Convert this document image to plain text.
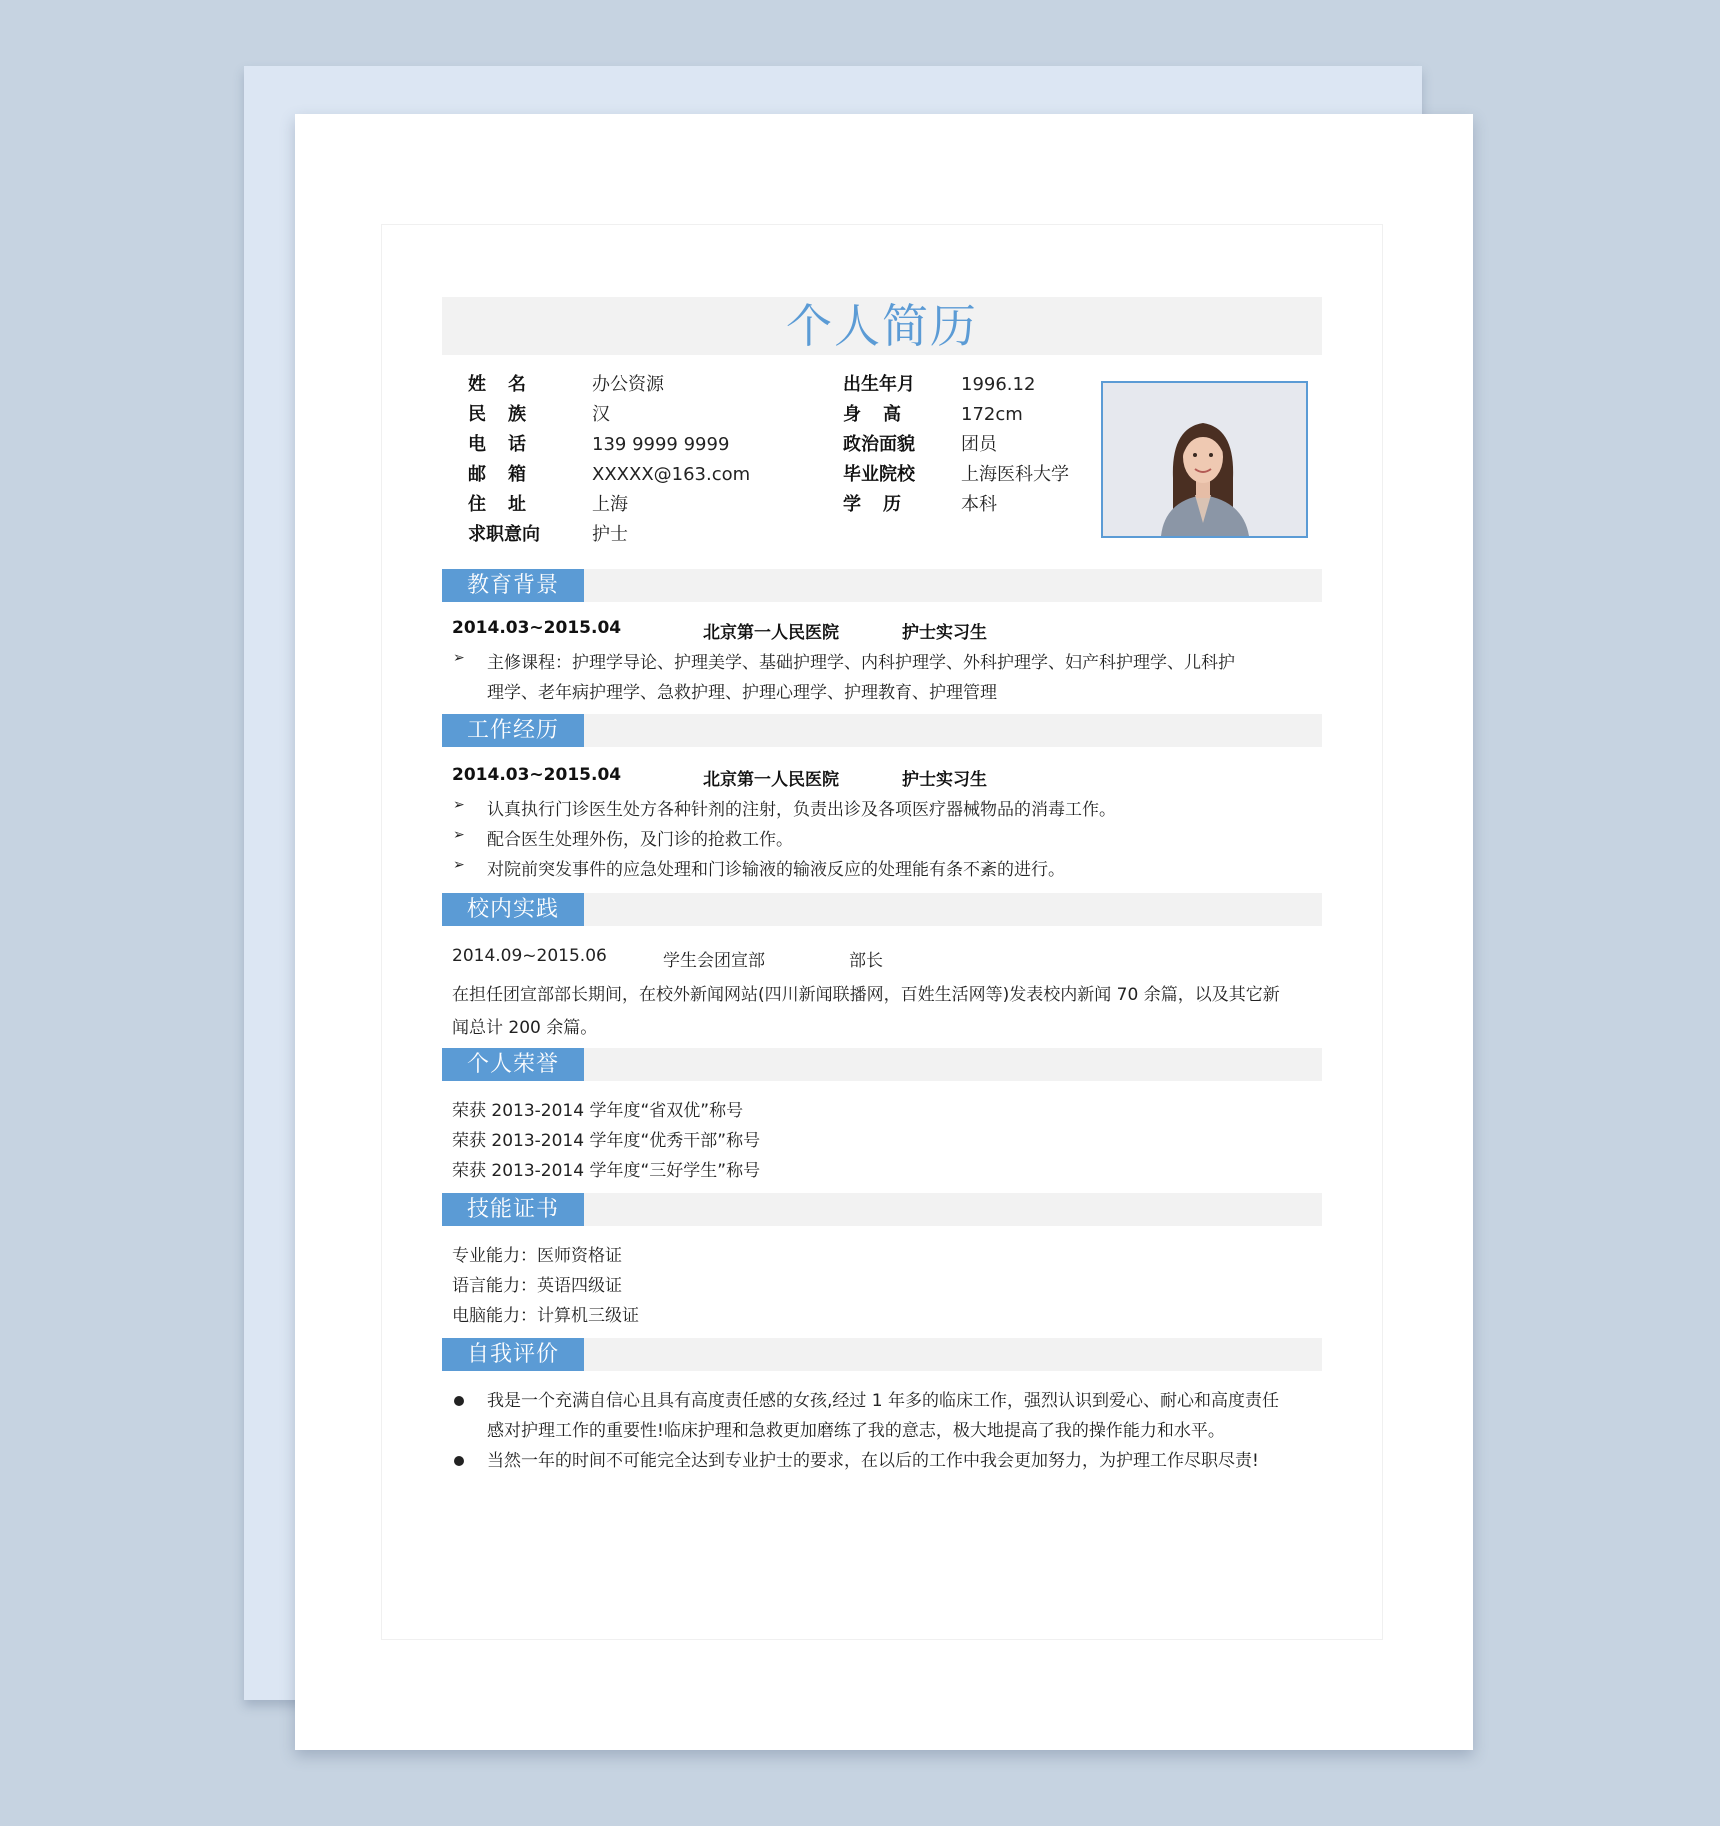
个人简历
姓名 办公资源
民族 汉
电话 139 9999 9999
邮箱 XXXXX@163.com
住址 上海
求职意向	护士
出生年月	1996.12
身高 172cm
政治面貌	团员
毕业院校	上海医科大学
学历 本科
教育背景
2014.03~2015.04	北京第一人民医院	护士实习生
➢ 主修课程：护理学导论、护理美学、基础护理学、内科护理学、外科护理学、妇产科护理学、儿科护
理学、老年病护理学、急救护理、护理心理学、护理教育、护理管理
工作经历
2014.03~2015.04	北京第一人民医院	护士实习生
➢ 认真执行门诊医生处方各种针剂的注射，负责出诊及各项医疗器械物品的消毒工作。
➢ 配合医生处理外伤，及门诊的抢救工作。
➢ 对院前突发事件的应急处理和门诊输液的输液反应的处理能有条不紊的进行。
校内实践
2014.09~2015.06	学生会团宣部	部长
在担任团宣部部长期间，在校外新闻网站(四川新闻联播网，百姓生活网等)发表校内新闻 70 余篇，以及其它新
闻总计 200 余篇。
个人荣誉
荣获 2013-2014 学年度“省双优”称号
荣获 2013-2014 学年度“优秀干部”称号
荣获 2013-2014 学年度“三好学生”称号
技能证书
专业能力：医师资格证
语言能力：英语四级证
电脑能力：计算机三级证
自我评价
我是一个充满自信心且具有高度责任感的女孩,经过 1 年多的临床工作，强烈认识到爱心、耐心和高度责任
感对护理工作的重要性!临床护理和急救更加磨练了我的意志，极大地提高了我的操作能力和水平。
当然一年的时间不可能完全达到专业护士的要求，在以后的工作中我会更加努力，为护理工作尽职尽责!
